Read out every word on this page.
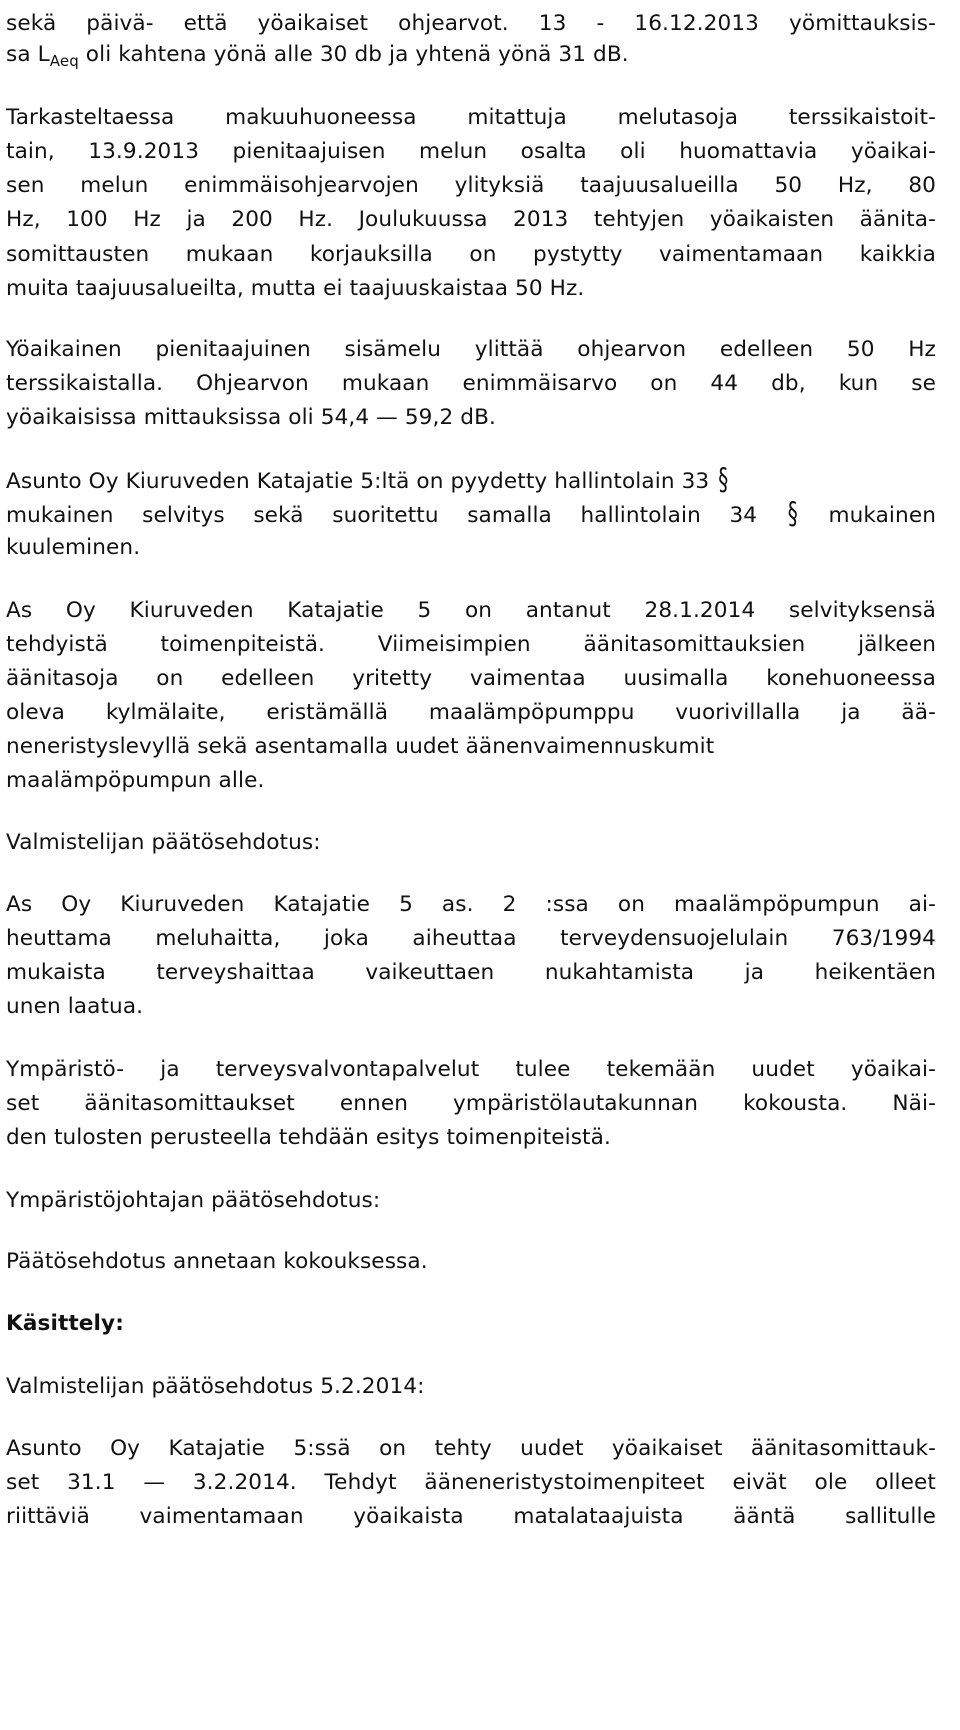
sekä päivä- että yöaikaiset ohjearvot. 13 - 16.12.2013 yömittauksis-
sa $L_{Aeq}$ oli kahtena yönä alle 30 db ja yhtenä yönä 31 dB.
Tarkasteltaessa makuuhuoneessa mitattuja melutasoja terssikaistoit-
tain, 13.9.2013 pienitaajuisen melun osalta oli huomattavia yöaikai-
sen melun enimmäisohjearvojen ylityksiä taajuusalueilla 50 Hz, 80
Hz, 100 Hz ja 200 Hz. Joulukuussa 2013 tehtyjen yöaikaisten äänita-
somittausten mukaan korjauksilla on pystytty vaimentamaan kaikkia
muita taajuusalueilta, mutta ei taajuuskaistaa 50 Hz.
Yöaikainen pienitaajuinen sisämelu ylittää ohjearvon edelleen 50 Hz
terssikaistalla. Ohjearvon mukaan enimmäisarvo on 44 db, kun se
yöaikaisissa mittauksissa oli 54,4 — 59,2 dB.
Asunto Oy Kiuruveden Katajatie 5:ltä on pyydetty hallintolain 33 §
mukainen selvitys sekä suoritettu samalla hallintolain 34 § mukainen
kuuleminen.
As Oy Kiuruveden Katajatie 5 on antanut 28.1.2014 selvityksensä
tehdyistä toimenpiteistä. Viimeisimpien äänitasomittauksien jälkeen
äänitasoja on edelleen yritetty vaimentaa uusimalla konehuoneessa
oleva kylmälaite, eristämällä maalämpöpumppu vuorivillalla ja ää-
neneristyslevyllä sekä asentamalla uudet äänenvaimennuskumit
maalämpöpumpun alle.
Valmistelijan päätösehdotus:
As Oy Kiuruveden Katajatie 5 as. 2 :ssa on maalämpöpumpun ai-
heuttama meluhaitta, joka aiheuttaa terveydensuojelulain 763/1994
mukaista terveyshaittaa vaikeuttaen nukahtamista ja heikentäen
unen laatua.
Ympäristö- ja terveysvalvontapalvelut tulee tekemään uudet yöaikai-
set äänitasomittaukset ennen ympäristölautakunnan kokousta. Näi-
den tulosten perusteella tehdään esitys toimenpiteistä.
Ympäristöjohtajan päätösehdotus:
Päätösehdotus annetaan kokouksessa.
Käsittely:
Valmistelijan päätösehdotus 5.2.2014:
Asunto Oy Katajatie 5:ssä on tehty uudet yöaikaiset äänitasomittauk-
set 31.1 — 3.2.2014. Tehdyt ääneneristystoimenpiteet eivät ole olleet
riittäviä vaimentamaan yöaikaista matalataajuista ääntä sallitulle
